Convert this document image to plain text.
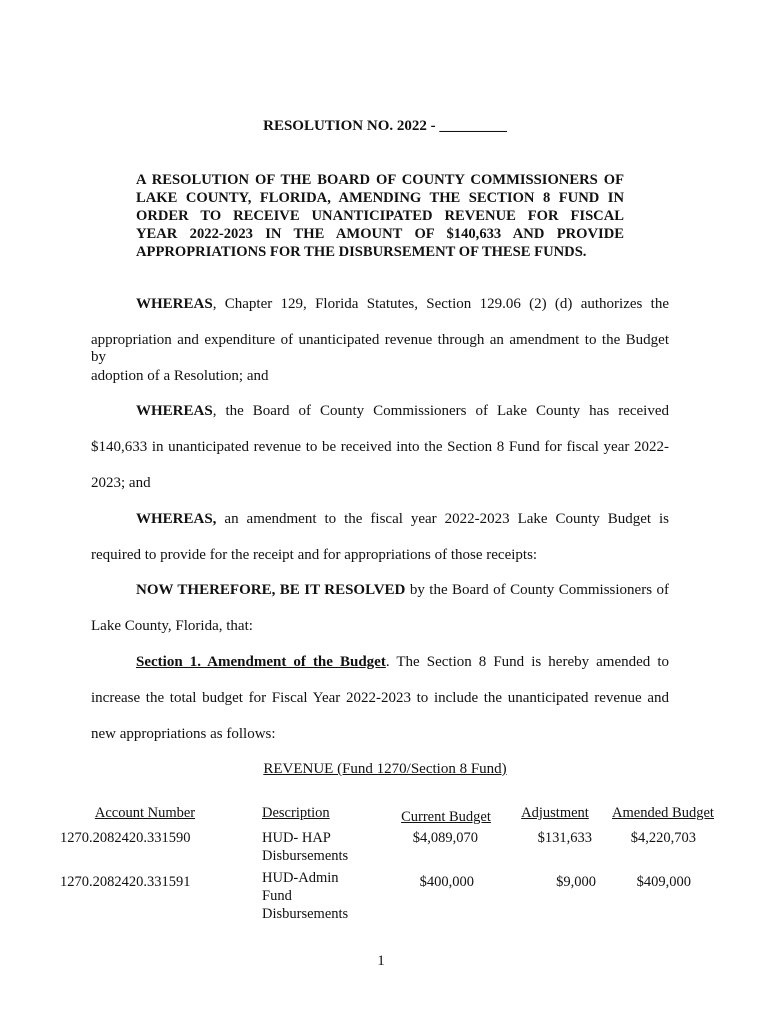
RESOLUTION NO. 2022 - _________
A RESOLUTION OF THE BOARD OF COUNTY COMMISSIONERS OF
LAKE COUNTY, FLORIDA, AMENDING THE SECTION 8 FUND IN
ORDER TO RECEIVE UNANTICIPATED REVENUE FOR FISCAL
YEAR 2022-2023 IN THE AMOUNT OF $140,633 AND PROVIDE
APPROPRIATIONS FOR THE DISBURSEMENT OF THESE FUNDS.
WHEREAS, Chapter 129, Florida Statutes, Section 129.06 (2) (d) authorizes the
appropriation and expenditure of unanticipated revenue through an amendment to the Budget by
adoption of a Resolution; and
WHEREAS, the Board of County Commissioners of Lake County has received
$140,633 in unanticipated revenue to be received into the Section 8 Fund for fiscal year 2022-
2023; and
WHEREAS, an amendment to the fiscal year 2022-2023 Lake County Budget is
required to provide for the receipt and for appropriations of those receipts:
NOW THEREFORE, BE IT RESOLVED by the Board of County Commissioners of
Lake County, Florida, that:
Section 1. Amendment of the Budget. The Section 8 Fund is hereby amended to
increase the total budget for Fiscal Year 2022-2023 to include the unanticipated revenue and
new appropriations as follows:
REVENUE (Fund 1270/Section 8 Fund)
Account Number	Description	Current Budget	Adjustment	Amended Budget
1270.2082420.331590	HUD- HAP
Disbursements
$4,089,070	$131,633	$4,220,703
1270.2082420.331591	HUD-Admin
Fund
Disbursements
$400,000	$9,000	$409,000
1
